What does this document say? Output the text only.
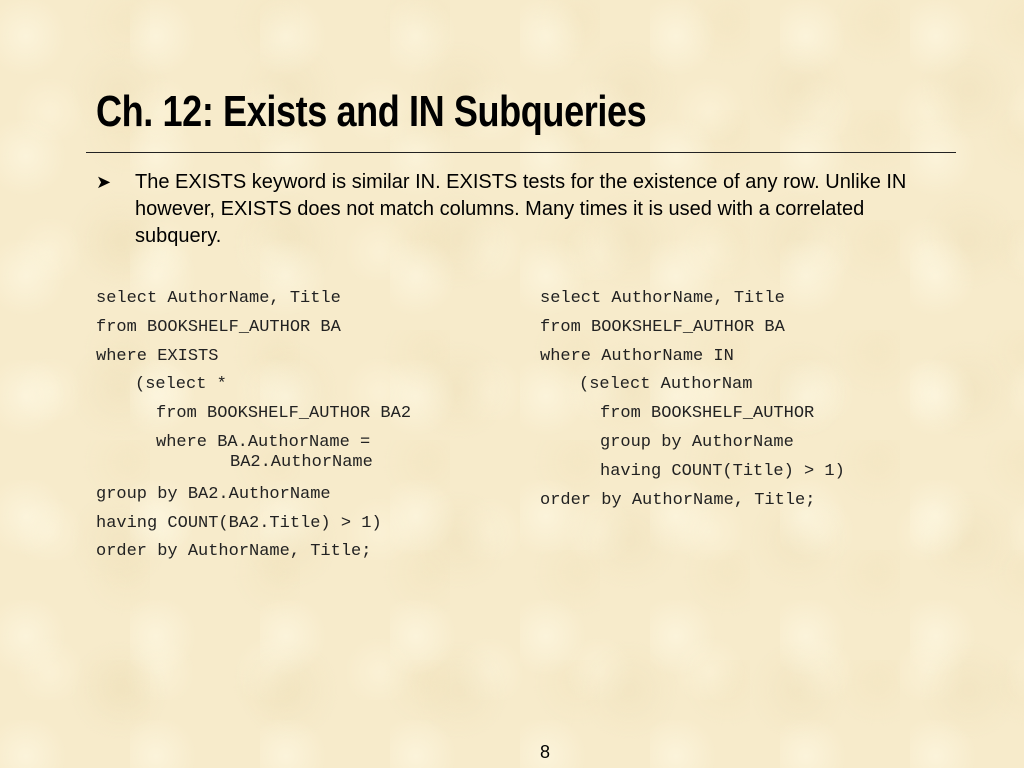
Ch. 12: Exists and IN Subqueries
➤ The EXISTS keyword is similar IN. EXISTS tests for the existence of any row. Unlike IN however, EXISTS does not match columns. Many times it is used with a correlated subquery.
select AuthorName, Title
from BOOKSHELF_AUTHOR BA
where EXISTS
(select *
from BOOKSHELF_AUTHOR BA2
where BA.AuthorName =
BA2.AuthorName
group by BA2.AuthorName
having COUNT(BA2.Title) > 1)
order by AuthorName, Title;
select AuthorName, Title
from BOOKSHELF_AUTHOR BA
where AuthorName IN
(select AuthorNam
from BOOKSHELF_AUTHOR
group by AuthorName
having COUNT(Title) > 1)
order by AuthorName, Title;
8
